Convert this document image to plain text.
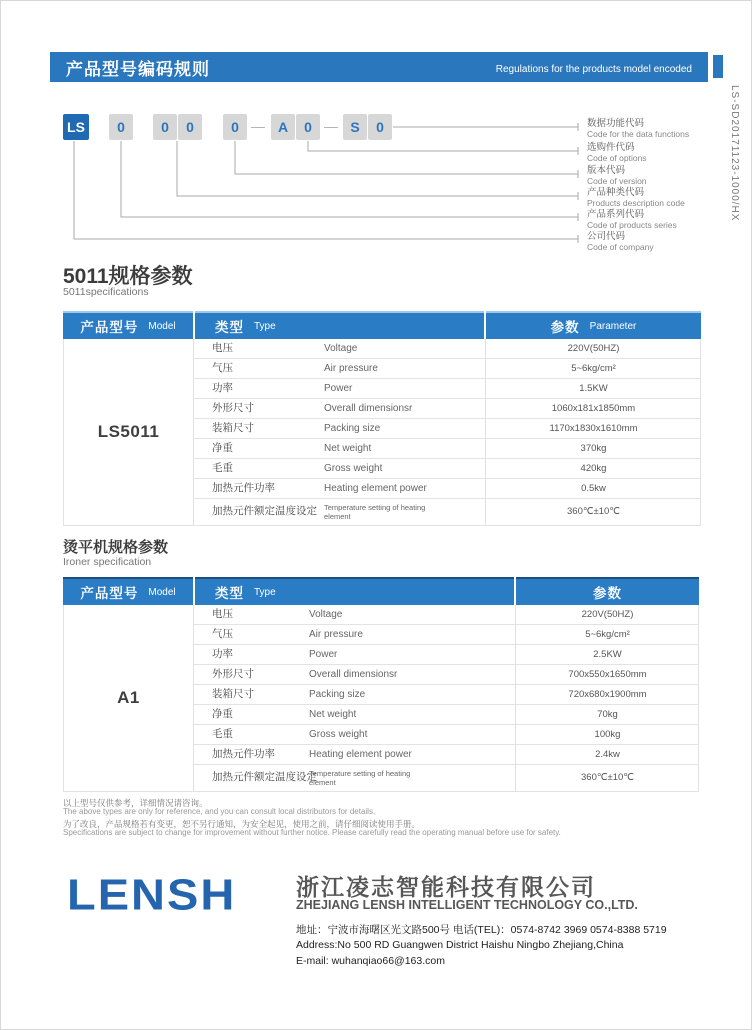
产品型号编码规则	Regulations for the products model encoded
LS-SD20171123-1000/HX
LS	0	0	0	0	A	0	S	0	数据功能代码
Code for the data functions
选购件代码
Code of options
版本代码
Code of version
产品种类代码
Products description code
产品系列代码
Code of products series
公司代码
Code of company
5011规格参数
5011specifications
产品型号 Model	类型 Type	参数 Parameter
LS5011
电压	Voltage	220V(50HZ)
气压	Air pressure	5~6kg/cm²
功率	Power	1.5KW
外形尺寸	Overall dimensionsr	1060x181x1850mm
装箱尺寸	Packing size	1170x1830x1610mm
净重	Net weight	370kg
毛重	Gross weight	420kg
加热元件功率	Heating element power	0.5kw
加热元件额定温度设定 Temperature setting of heating element	360℃±10℃
烫平机规格参数
Ironer specification
产品型号 Model	类型 Type	参数
A1
电压	Voltage	220V(50HZ)
气压	Air pressure	5~6kg/cm²
功率	Power	2.5KW
外形尺寸	Overall dimensionsr	700x550x1650mm
装箱尺寸	Packing size	720x680x1900mm
净重	Net weight	70kg
毛重	Gross weight	100kg
加热元件功率	Heating element power	2.4kw
加热元件额定温度设定
Temperature setting of heating element	360℃±10℃
以上型号仅供参考，详细情况请咨询。
The above types are only for reference, and you can consult local distributors for details.
为了改良，产品规格若有变更，恕不另行通知，为安全起见，使用之前，请仔细阅读使用手册。
Specifications are subject to change for improvement without further notice. Please carefully read the operating manual before use for safety.
LENSH	浙江凌志智能科技有限公司
ZHEJIANG LENSH INTELLIGENT TECHNOLOGY CO.,LTD.
地址：宁波市海曙区光文路500号 电话(TEL)：0574-8742 3969 0574-8388 5719
Address:No 500 RD Guangwen District Haishu Ningbo Zhejiang,China
E-mail: wuhanqiao66@163.com
